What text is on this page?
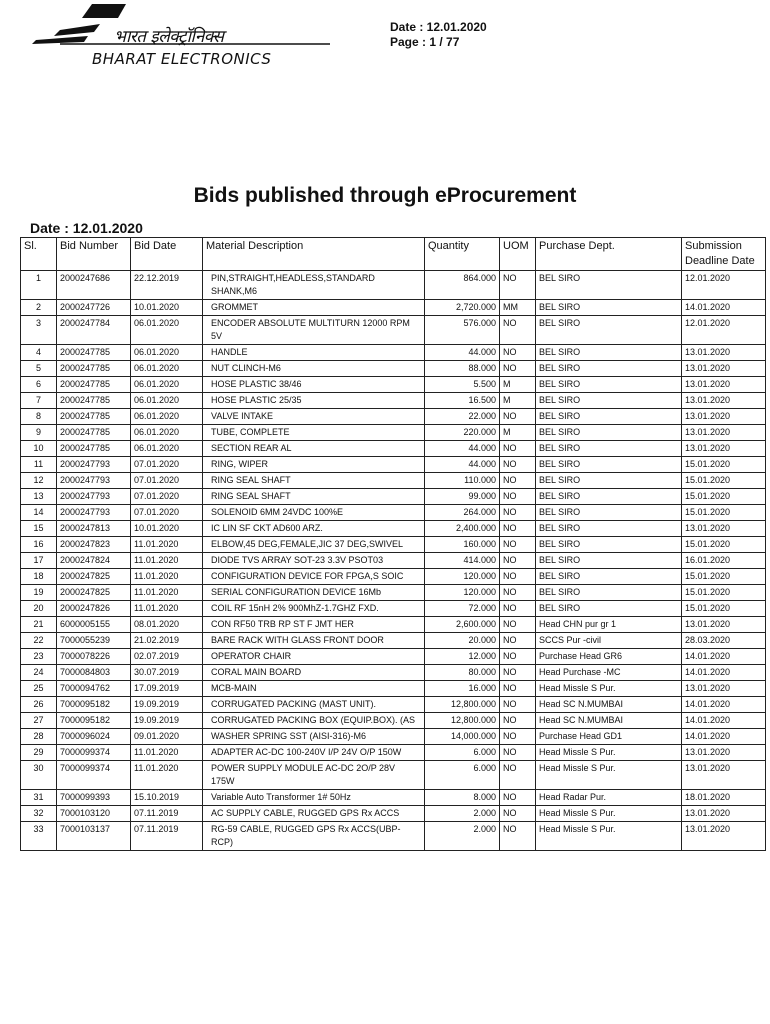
भारत इलेक्ट्रॉनिक्स
BHARAT ELECTRONICS
Date : 12.01.2020
Page : 1 / 77
Bids published through eProcurement
Date : 12.01.2020
Sl.	Bid Number	Bid Date	Material Description	Quantity	UOM	Purchase Dept.	Submission Deadline Date
1	2000247686	22.12.2019	PIN,STRAIGHT,HEADLESS,STANDARD SHANK,M6	864.000	NO	BEL SIRO	12.01.2020
2	2000247726	10.01.2020	GROMMET	2,720.000	MM	BEL SIRO	14.01.2020
3	2000247784	06.01.2020	ENCODER ABSOLUTE MULTITURN 12000 RPM 5V	576.000	NO	BEL SIRO	12.01.2020
4	2000247785	06.01.2020	HANDLE	44.000	NO	BEL SIRO	13.01.2020
5	2000247785	06.01.2020	NUT CLINCH-M6	88.000	NO	BEL SIRO	13.01.2020
6	2000247785	06.01.2020	HOSE PLASTIC 38/46	5.500	M	BEL SIRO	13.01.2020
7	2000247785	06.01.2020	HOSE PLASTIC 25/35	16.500	M	BEL SIRO	13.01.2020
8	2000247785	06.01.2020	VALVE INTAKE	22.000	NO	BEL SIRO	13.01.2020
9	2000247785	06.01.2020	TUBE, COMPLETE	220.000	M	BEL SIRO	13.01.2020
10	2000247785	06.01.2020	SECTION REAR AL	44.000	NO	BEL SIRO	13.01.2020
11	2000247793	07.01.2020	RING, WIPER	44.000	NO	BEL SIRO	15.01.2020
12	2000247793	07.01.2020	RING SEAL SHAFT	110.000	NO	BEL SIRO	15.01.2020
13	2000247793	07.01.2020	RING SEAL SHAFT	99.000	NO	BEL SIRO	15.01.2020
14	2000247793	07.01.2020	SOLENOID 6MM 24VDC 100%E	264.000	NO	BEL SIRO	15.01.2020
15	2000247813	10.01.2020	IC LIN SF CKT AD600 ARZ.	2,400.000	NO	BEL SIRO	13.01.2020
16	2000247823	11.01.2020	ELBOW,45 DEG,FEMALE,JIC 37 DEG,SWIVEL	160.000	NO	BEL SIRO	15.01.2020
17	2000247824	11.01.2020	DIODE TVS ARRAY SOT-23 3.3V PSOT03	414.000	NO	BEL SIRO	16.01.2020
18	2000247825	11.01.2020	CONFIGURATION DEVICE FOR FPGA,S SOIC	120.000	NO	BEL SIRO	15.01.2020
19	2000247825	11.01.2020	SERIAL CONFIGURATION DEVICE 16Mb	120.000	NO	BEL SIRO	15.01.2020
20	2000247826	11.01.2020	COIL RF 15nH 2% 900MhZ-1.7GHZ FXD.	72.000	NO	BEL SIRO	15.01.2020
21	6000005155	08.01.2020	CON RF50 TRB RP ST F JMT HER	2,600.000	NO	Head CHN pur gr 1	13.01.2020
22	7000055239	21.02.2019	BARE RACK WITH GLASS FRONT DOOR	20.000	NO	SCCS Pur -civil	28.03.2020
23	7000078226	02.07.2019	OPERATOR CHAIR	12.000	NO	Purchase Head GR6	14.01.2020
24	7000084803	30.07.2019	CORAL MAIN BOARD	80.000	NO	Head Purchase -MC	14.01.2020
25	7000094762	17.09.2019	MCB-MAIN	16.000	NO	Head Missle S Pur.	13.01.2020
26	7000095182	19.09.2019	CORRUGATED PACKING (MAST UNIT).	12,800.000	NO	Head SC N.MUMBAI	14.01.2020
27	7000095182	19.09.2019	CORRUGATED PACKING BOX (EQUIP.BOX). (AS	12,800.000	NO	Head SC N.MUMBAI	14.01.2020
28	7000096024	09.01.2020	WASHER SPRING SST (AISI-316)-M6	14,000.000	NO	Purchase Head GD1	14.01.2020
29	7000099374	11.01.2020	ADAPTER AC-DC 100-240V I/P 24V O/P 150W	6.000	NO	Head Missle S Pur.	13.01.2020
30	7000099374	11.01.2020	POWER SUPPLY MODULE AC-DC 2O/P 28V 175W	6.000	NO	Head Missle S Pur.	13.01.2020
31	7000099393	15.10.2019	Variable Auto Transformer 1# 50Hz	8.000	NO	Head Radar Pur.	18.01.2020
32	7000103120	07.11.2019	AC SUPPLY CABLE, RUGGED GPS Rx ACCS	2.000	NO	Head Missle S Pur.	13.01.2020
33	7000103137	07.11.2019	RG-59 CABLE, RUGGED GPS Rx ACCS(UBP-RCP)	2.000	NO	Head Missle S Pur.	13.01.2020
